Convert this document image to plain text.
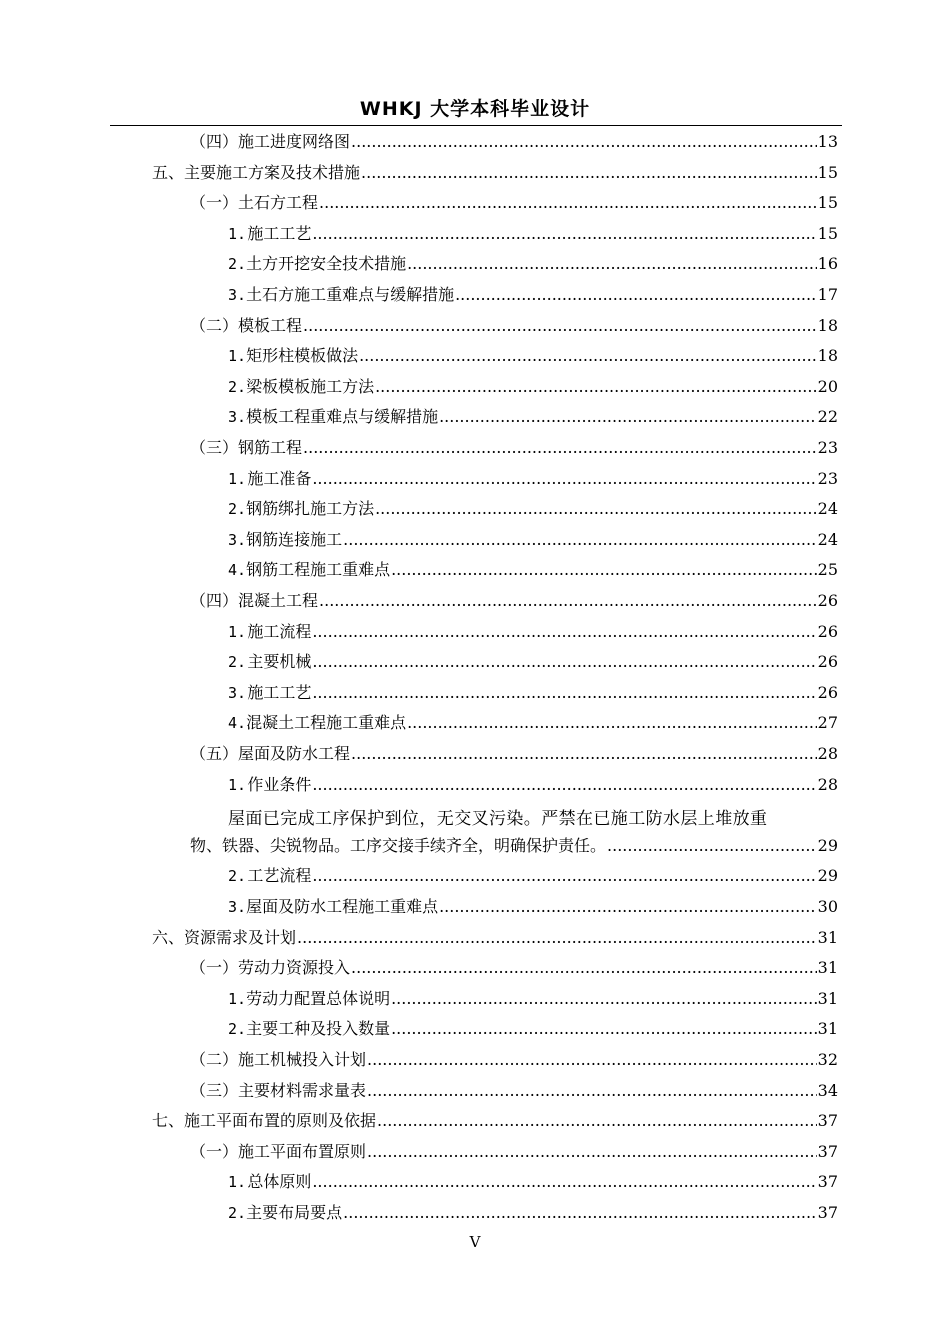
WHKJ 大学本科毕业设计
（四） 施工进度网络图 .....	13
五、 主要施工方案及技术措施 .....	15
（一） 土石方工程 .....	15
1. 施工工艺 .....	15
2. 土方开挖安全技术措施 .....	16
3. 土石方施工重难点与缓解措施 .....	17
（二） 模板工程 .....	18
1. 矩形柱模板做法 .....	18
2. 梁板模板施工方法 .....	20
3. 模板工程重难点与缓解措施 .....	22
（三） 钢筋工程 .....	23
1. 施工准备 .....	23
2. 钢筋绑扎施工方法 .....	24
3. 钢筋连接施工 .....	24
4. 钢筋工程施工重难点 .....	25
（四） 混凝土工程 .....	26
1. 施工流程 .....	26
2. 主要机械 .....	26
3. 施工工艺 .....	26
4. 混凝土工程施工重难点 .....	27
（五） 屋面及防水工程 .....	28
1. 作业条件 .....	28
屋面已完成工序保护到位，无交叉污染。严禁在已施工防水层上堆放重
物、铁器、尖锐物品。工序交接手续齐全，明确保护责任。 .....	29
2. 工艺流程 .....	29
3. 屋面及防水工程施工重难点 .....	30
六、 资源需求及计划 .....	31
（一） 劳动力资源投入 .....	31
1. 劳动力配置总体说明 .....	31
2. 主要工种及投入数量 .....	31
（二） 施工机械投入计划 .....	32
（三） 主要材料需求量表 .....	34
七、 施工平面布置的原则及依据 .....	37
（一） 施工平面布置原则 .....	37
1. 总体原则 .....	37
2. 主要布局要点 .....	37
V
